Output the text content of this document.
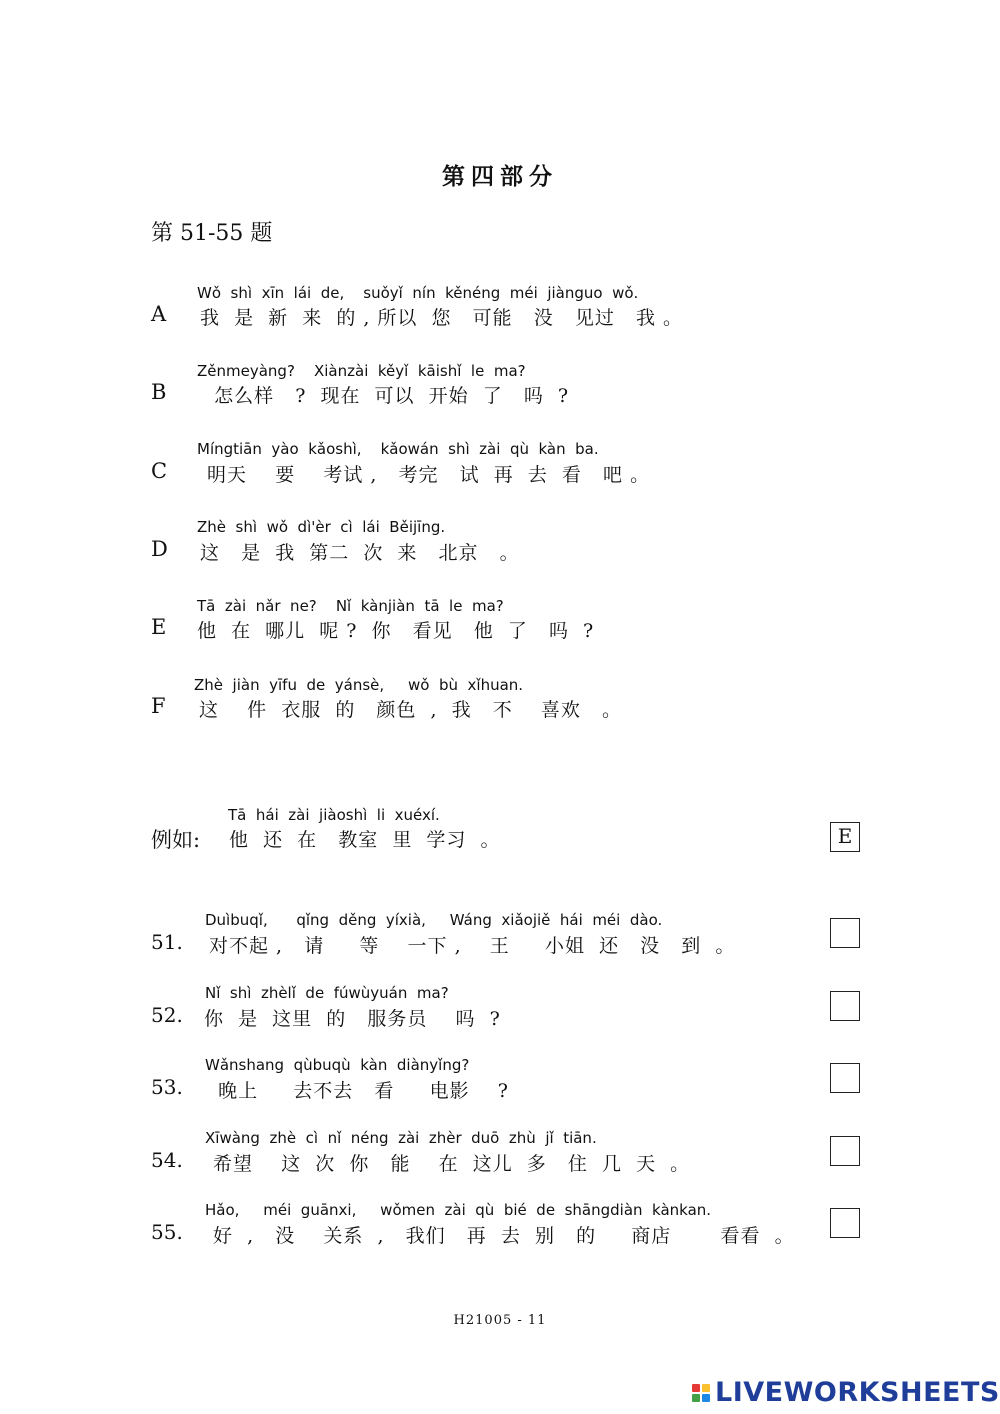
第四部分
第 51-55 题
Wǒ  shì  xīn  lái  de,    suǒyǐ  nín  kěnéng  méi  jiànguo  wǒ.
A 我  是  新  来  的 , 所以  您   可能   没   见过   我 。
Zěnmeyàng?    Xiànzài  kěyǐ  kāishǐ  le  ma?
B 怎么样   ?  现在  可以  开始  了   吗  ?
Míngtiān  yào  kǎoshì,    kǎowán  shì  zài  qù  kàn  ba.
C 明天    要    考试 ,   考完   试  再  去  看   吧 。
Zhè  shì  wǒ  dì'èr  cì  lái  Běijīng.
D 这   是  我  第二  次  来   北京   。
Tā  zài  nǎr  ne?    Nǐ  kànjiàn  tā  le  ma?
E 他  在  哪儿  呢 ?  你   看见   他  了   吗  ?
Zhè  jiàn  yīfu  de  yánsè,     wǒ  bù  xǐhuan.
F 这    件  衣服  的   颜色  ,  我   不    喜欢   。
Tā  hái  zài  jiàoshì  li  xuéxí.
例如: 他  还  在   教室  里  学习  。	E
Duìbuqǐ,      qǐng  děng  yíxià,     Wáng  xiǎojiě  hái  méi  dào.
51. 对不起 ,   请     等    一下 ,    王     小姐  还   没   到  。
Nǐ  shì  zhèlǐ  de  fúwùyuán  ma?
52. 你  是  这里  的   服务员    吗  ?
Wǎnshang  qùbuqù  kàn  diànyǐng?
53. 晚上     去不去   看     电影    ?
Xīwàng  zhè  cì  nǐ  néng  zài  zhèr  duō  zhù  jǐ  tiān.
54. 希望    这  次  你   能    在  这儿  多   住  几  天  。
Hǎo,     méi  guānxi,     wǒmen  zài  qù  bié  de  shāngdiàn  kànkan.
55. 好  ,   没    关系  ,   我们   再  去  别   的     商店       看看  。
H21005 - 11
LIVEWORKSHEETS
